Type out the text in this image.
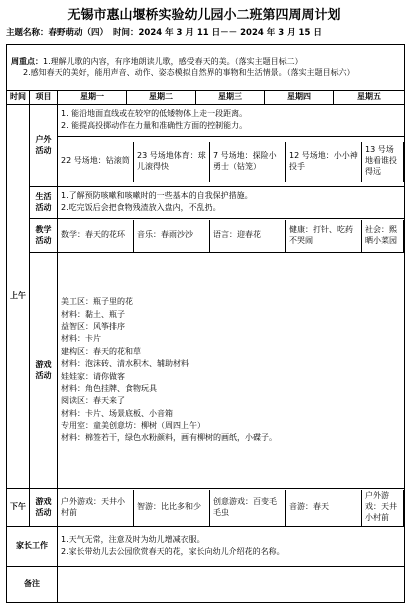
无锡市惠山堰桥实验幼儿园小二班第四周周计划
主题名称：春野萌动（四） 时间：2024 年 3 月 11 日－－ 2024 年 3 月 15 日
周重点：1.理解儿歌的内容，有序地朗读儿歌，感受春天的美。（落实主题目标二）
2.感知春天的美好，能用声音、动作、姿态模拟自然界的事物和生活情景。（落实主题目标六）
时间	项目	星期一	星期二	星期三	星期四	星期五
上午	户外活动	
1. 能沿地面直线或在较窄的低矮物体上走一段距离。
2. 能提高投掷动作在力量和准确性方面的控制能力。

22 号场地：钻滚筒	23 号场地体育：球儿滚得快	7 号场地：探险小勇士（钻笼）	12 号场地：小小神投手	13 号场地看谁投得远

生活活动	
1.了解预防咳嗽和咳嗽时的一些基本的自我保护措施。
2.吃完饭后会把食物残渣放入盘内，不乱扔。

教学活动	
数学：春天的花环	音乐：春雨沙沙	语言：迎春花	健康：打针、吃药不哭闹	社会：熙晒小菜园

游戏活动	
美工区：瓶子里的花
材料：黏土、瓶子
益智区：风筝排序
材料：卡片
建构区：春天的花和草
材料：泡沫砖、清水积木、辅助材料
娃娃家：请你做客
材料：角色挂牌、食物玩具
阅读区：春天来了
材料：卡片、场景底板、小音箱
专用室：童美创意坊：柳树（周四上午）
材料：棉签若干，绿色水粉颜料，画有柳树的画纸，小碟子。

下午	游戏活动	
户外游戏：天井小村前	智游：比比多和少	创意游戏：百变毛毛虫	音游：春天	户外游戏：天井小村前

家长工作	
1.天气无常，注意及时为幼儿增减衣服。
2.家长带幼儿去公园欣赏春天的花，家长向幼儿介绍花的名称。

备注	
